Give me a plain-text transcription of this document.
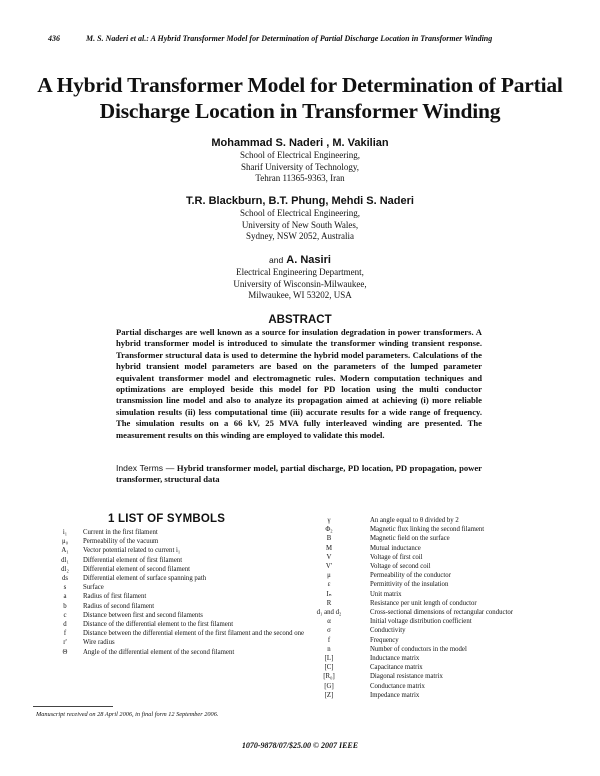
436	M. S. Naderi et al.: A Hybrid Transformer Model for Determination of Partial Discharge Location in Transformer Winding
A Hybrid Transformer Model for Determination of Partial
Discharge Location in Transformer Winding
Mohammad S. Naderi , M. Vakilian
School of Electrical Engineering,
Sharif University of Technology,
Tehran 11365-9363, Iran
T.R. Blackburn, B.T. Phung, Mehdi S. Naderi
School of Electrical Engineering,
University of New South Wales,
Sydney, NSW 2052, Australia
and A. Nasiri
Electrical Engineering Department,
University of Wisconsin-Milwaukee,
Milwaukee, WI 53202, USA
ABSTRACT
Partial discharges are well known as a source for insulation degradation in power transformers. A hybrid transformer model is introduced to simulate the transformer winding transient response. Transformer structural data is used to determine the hybrid model parameters. Calculations of the hybrid transient model parameters are based on the parameters of the lumped parameter equivalent transformer model and electromagnetic rules. Modern computation techniques and optimizations are employed beside this model for PD location using the multi conductor transmission line model and also to analyze its propagation aimed at achieving (i) more reliable simulation results (ii) less computational time (iii) accurate results for a wide range of frequency. The simulation results on a 66 kV, 25 MVA fully interleaved winding are presented. The measurement results on this winding are employed to validate this model.
Index Terms — Hybrid transformer model, partial discharge, PD location, PD propagation, power transformer, structural data
1 LIST OF SYMBOLS
i₁	Current in the first filament
μ₀	Permeability of the vacuum
A₁	Vector potential related to current i₁
dl₁	Differential element of first filament
dl₂	Differential element of second filament
ds	Differential element of surface spanning path
s	Surface
a	Radius of first filament
b	Radius of second filament
c	Distance between first and second filaments
d	Distance of the differential element to the first filament
f	Distance between the differential element of the first filament and the second one
r'	Wire radius
Θ	Angle of the differential element of the second filament
γ	An angle equal to θ divided by 2
Φ₂	Magnetic flux linking the second filament
B	Magnetic field on the surface
M	Mutual inductance
V	Voltage of first coil
V'	Voltage of second coil
μ	Permeability of the conductor
ε	Permittivity of the insulation
Iₙ	Unit matrix
R	Resistance per unit length of conductor
d₁ and d₂	Cross-sectional dimensions of rectangular conductor
α	Initial voltage distribution coefficient
σ	Conductivity
f	Frequency
n	Number of conductors in the model
[L]	Inductance matrix
[C]	Capacitance matrix
[R₀]	Diagonal resistance matrix
[G]	Conductance matrix
[Z]	Impedance matrix
Manuscript received on 28 April 2006, in final form 12 September 2006.
1070-9878/07/$25.00 © 2007 IEEE
